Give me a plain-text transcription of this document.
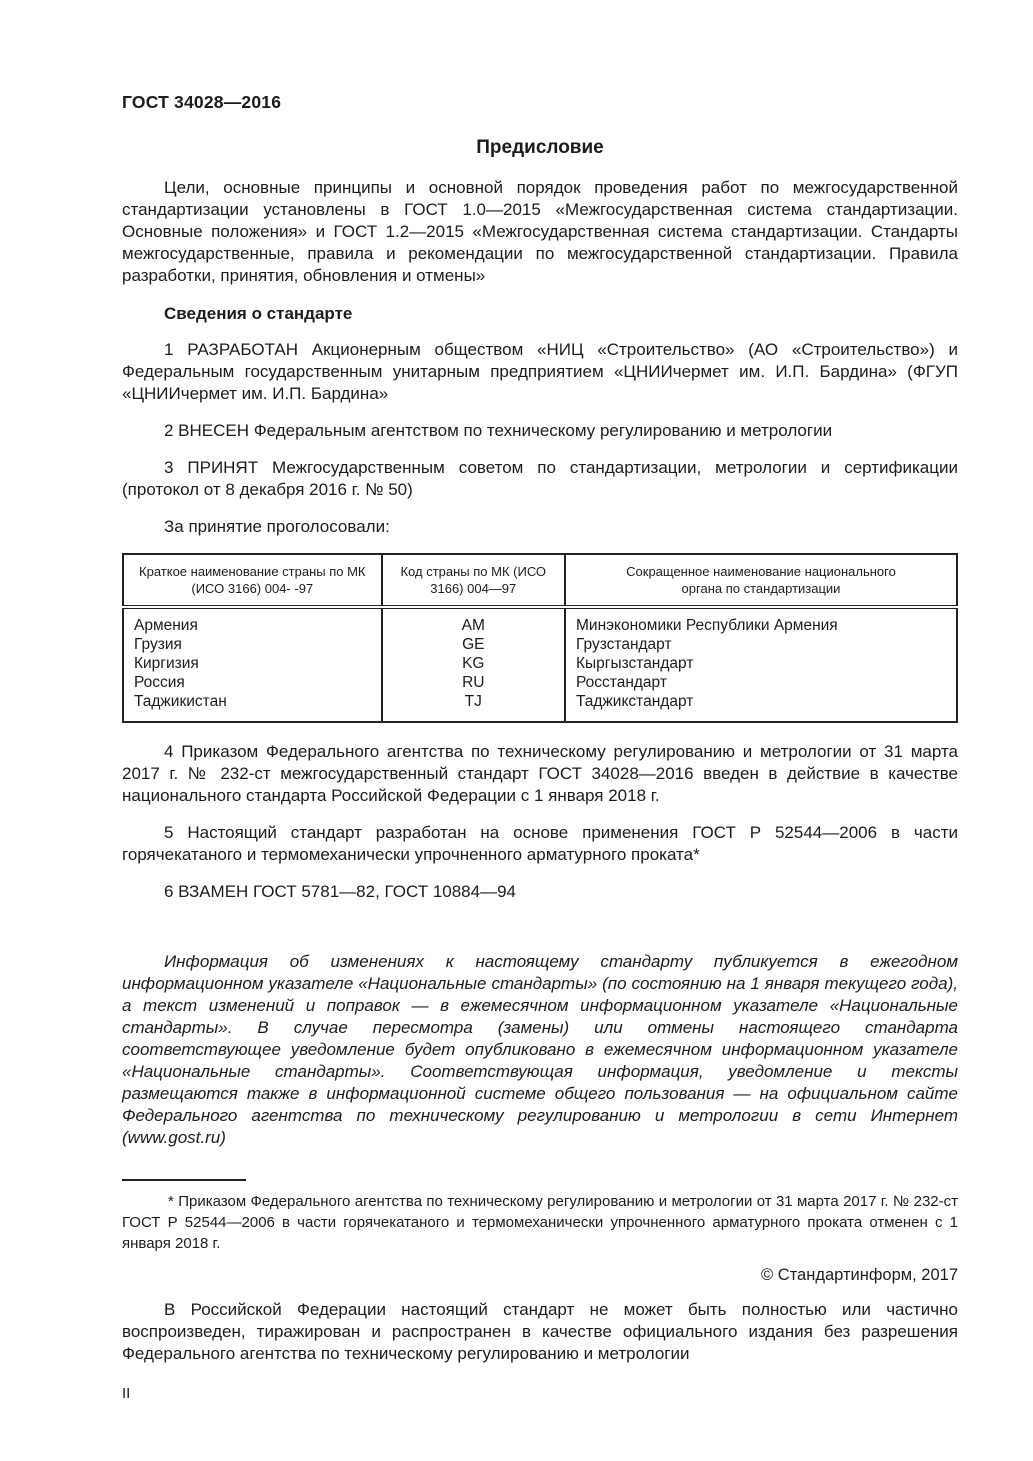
ГОСТ 34028—2016
Предисловие

Цели, основные принципы и основной порядок проведения работ по межгосударственной стандартизации установлены в ГОСТ 1.0—2015 «Межгосударственная система стандартизации. Основные положения» и ГОСТ 1.2—2015 «Межгосударственная система стандартизации. Стандарты межгосударственные, правила и рекомендации по межгосударственной стандартизации. Правила разработки, принятия, обновления и отмены»

Сведения о стандарте

1 РАЗРАБОТАН Акционерным обществом «НИЦ «Строительство» (АО «Строительство») и Федеральным государственным унитарным предприятием «ЦНИИчермет им. И.П. Бардина» (ФГУП «ЦНИИчермет им. И.П. Бардина»

2 ВНЕСЕН Федеральным агентством по техническому регулированию и метрологии

3 ПРИНЯТ Межгосударственным советом по стандартизации, метрологии и сертификации (протокол от 8 декабря 2016 г. № 50)

За принятие проголосовали:

Краткое наименование страны по МК (ИСО 3166) 004- -97	Код страны по МК (ИСО 3166) 004—97	Сокращенное наименование национального органа по стандартизации
Армения	AM	Минэкономики Республики Армения
Грузия	GE	Грузстандарт
Киргизия	KG	Кыргызстандарт
Россия	RU	Росстандарт
Таджикистан	TJ	Таджикстандарт

4 Приказом Федерального агентства по техническому регулированию и метрологии от 31 марта 2017 г. № 232-ст межгосударственный стандарт ГОСТ 34028—2016 введен в действие в качестве национального стандарта Российской Федерации с 1 января 2018 г.

5 Настоящий стандарт разработан на основе применения ГОСТ Р 52544—2006 в части горячекатаного и термомеханически упрочненного арматурного проката*

6 ВЗАМЕН ГОСТ 5781—82, ГОСТ 10884—94

Информация об изменениях к настоящему стандарту публикуется в ежегодном информационном указателе «Национальные стандарты» (по состоянию на 1 января текущего года), а текст изменений и поправок — в ежемесячном информационном указателе «Национальные стандарты». В случае пересмотра (замены) или отмены настоящего стандарта соответствующее уведомление будет опубликовано в ежемесячном информационном указателе «Национальные стандарты». Соответствующая информация, уведомление и тексты размещаются также в информационной системе общего пользования — на официальном сайте Федерального агентства по техническому регулированию и метрологии в сети Интернет (www.gost.ru)

* Приказом Федерального агентства по техническому регулированию и метрологии от 31 марта 2017 г. № 232-ст ГОСТ Р 52544—2006 в части горячекатаного и термомеханически упрочненного арматурного проката отменен с 1 января 2018 г.

© Стандартинформ, 2017

В Российской Федерации настоящий стандарт не может быть полностью или частично воспроизведен, тиражирован и распространен в качестве официального издания без разрешения Федерального агентства по техническому регулированию и метрологии

II
